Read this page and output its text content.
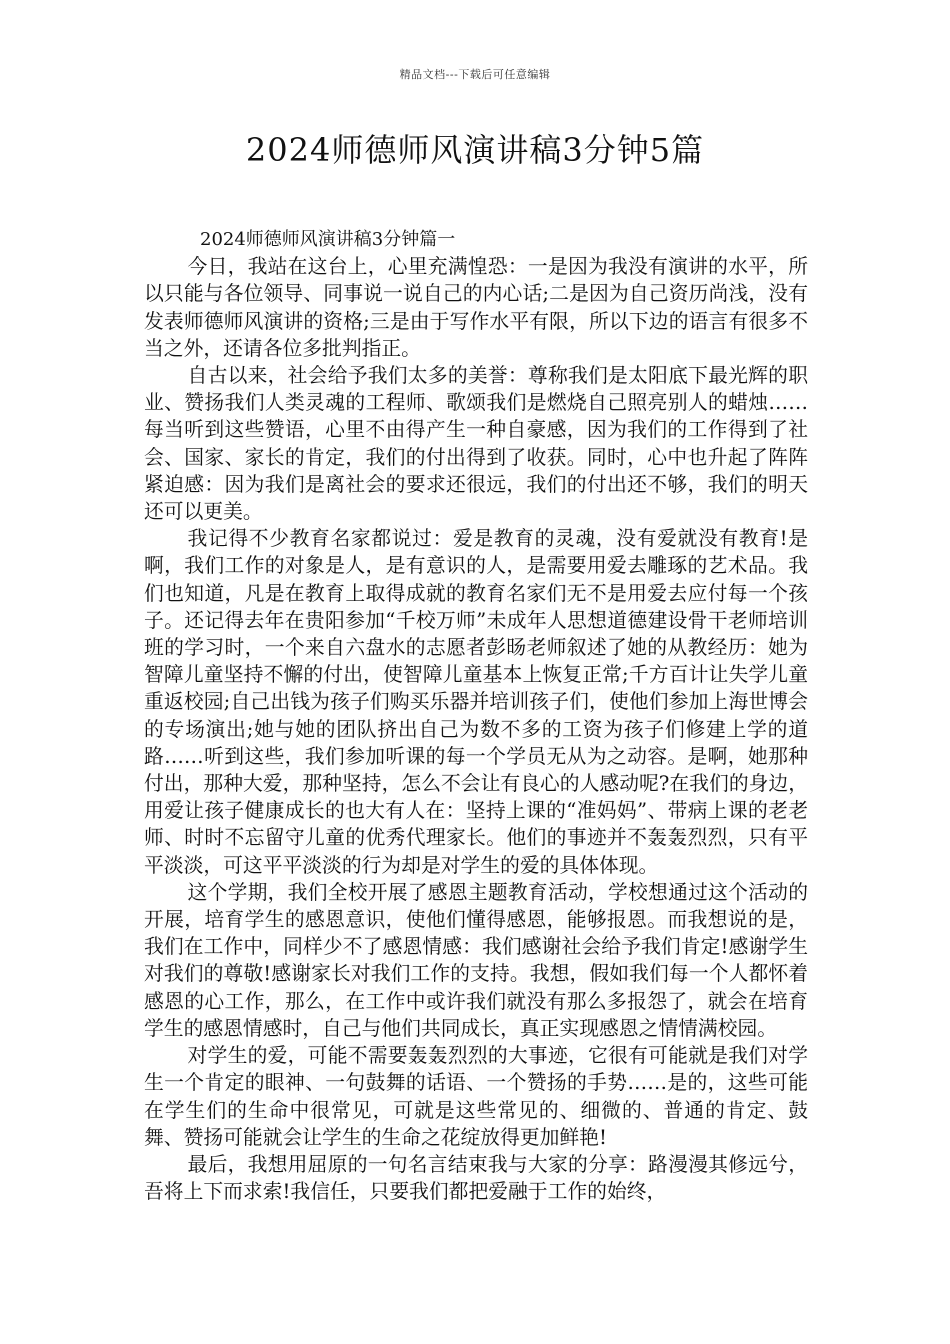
精品文档---下载后可任意编辑
2024师德师风演讲稿3分钟5篇

2024师德师风演讲稿3分钟篇一

今日，我站在这台上，心里充满惶恐：一是因为我没有演讲的水平，所以只能与各位领导、同事说一说自己的内心话;二是因为自己资历尚浅，没有发表师德师风演讲的资格;三是由于写作水平有限，所以下边的语言有很多不当之外，还请各位多批判指正。

自古以来，社会给予我们太多的美誉：尊称我们是太阳底下最光辉的职业、赞扬我们人类灵魂的工程师、歌颂我们是燃烧自己照亮别人的蜡烛……每当听到这些赞语，心里不由得产生一种自豪感，因为我们的工作得到了社会、国家、家长的肯定，我们的付出得到了收获。同时，心中也升起了阵阵紧迫感：因为我们是离社会的要求还很远，我们的付出还不够，我们的明天还可以更美。

我记得不少教育名家都说过：爱是教育的灵魂，没有爱就没有教育!是啊，我们工作的对象是人，是有意识的人，是需要用爱去雕琢的艺术品。我们也知道，凡是在教育上取得成就的教育名家们无不是用爱去应付每一个孩子。还记得去年在贵阳参加“千校万师”未成年人思想道德建设骨干老师培训班的学习时，一个来自六盘水的志愿者彭旸老师叙述了她的从教经历：她为智障儿童坚持不懈的付出，使智障儿童基本上恢复正常;千方百计让失学儿童重返校园;自己出钱为孩子们购买乐器并培训孩子们，使他们参加上海世博会的专场演出;她与她的团队挤出自己为数不多的工资为孩子们修建上学的道路……听到这些，我们参加听课的每一个学员无从为之动容。是啊，她那种付出，那种大爱，那种坚持，怎么不会让有良心的人感动呢?在我们的身边，用爱让孩子健康成长的也大有人在：坚持上课的“准妈妈”、带病上课的老老师、时时不忘留守儿童的优秀代理家长。他们的事迹并不轰轰烈烈，只有平平淡淡，可这平平淡淡的行为却是对学生的爱的具体体现。

这个学期，我们全校开展了感恩主题教育活动，学校想通过这个活动的开展，培育学生的感恩意识，使他们懂得感恩，能够报恩。而我想说的是，我们在工作中，同样少不了感恩情感：我们感谢社会给予我们肯定!感谢学生对我们的尊敬!感谢家长对我们工作的支持。我想，假如我们每一个人都怀着感恩的心工作，那么，在工作中或许我们就没有那么多报怨了，就会在培育学生的感恩情感时，自己与他们共同成长，真正实现感恩之情情满校园。

对学生的爱，可能不需要轰轰烈烈的大事迹，它很有可能就是我们对学生一个肯定的眼神、一句鼓舞的话语、一个赞扬的手势……是的，这些可能在学生们的生命中很常见，可就是这些常见的、细微的、普通的肯定、鼓舞、赞扬可能就会让学生的生命之花绽放得更加鲜艳!

最后，我想用屈原的一句名言结束我与大家的分享：路漫漫其修远兮，吾将上下而求索!我信任，只要我们都把爱融于工作的始终，
